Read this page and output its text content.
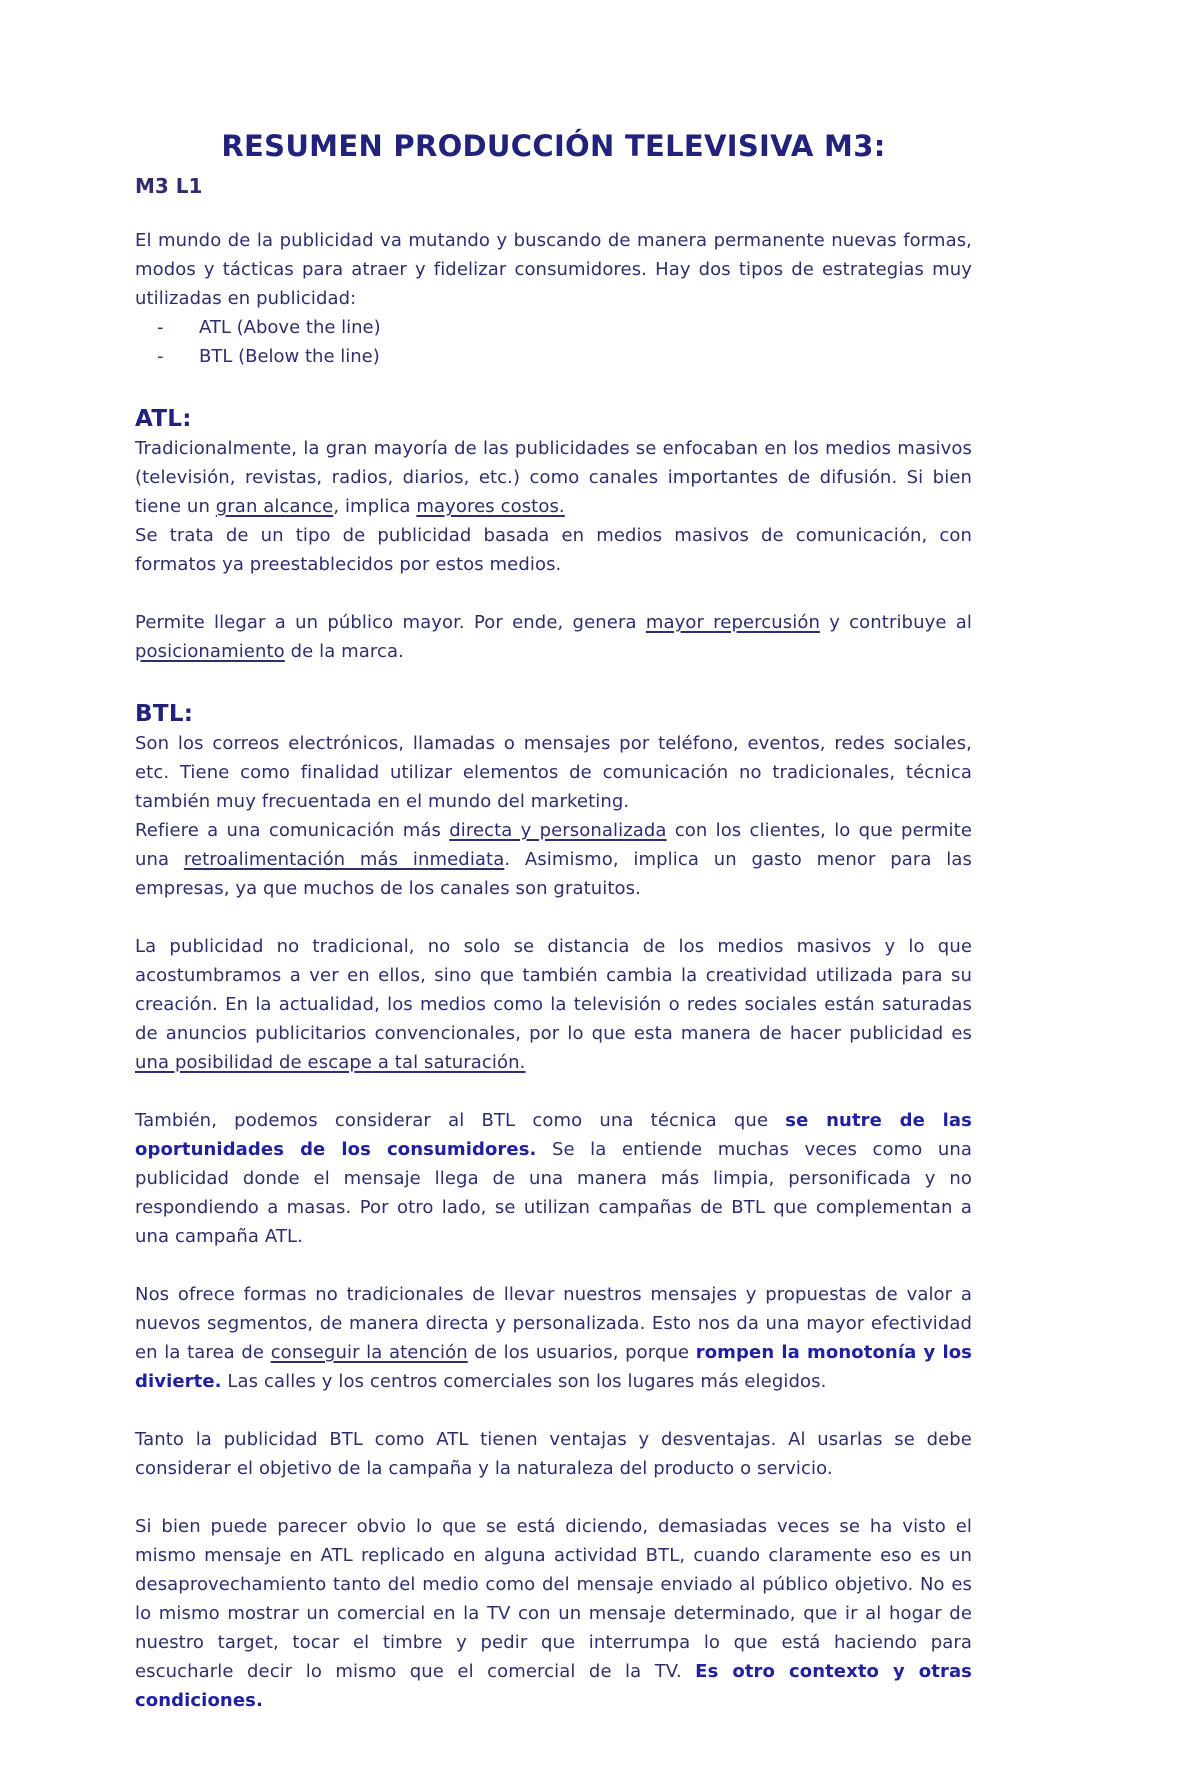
RESUMEN PRODUCCIÓN TELEVISIVA M3:
M3 L1

El mundo de la publicidad va mutando y buscando de manera permanente nuevas formas, modos y tácticas para atraer y fidelizar consumidores. Hay dos tipos de estrategias muy utilizadas en publicidad:

-	ATL (Above the line)
-	BTL (Below the line)
ATL:

Tradicionalmente, la gran mayoría de las publicidades se enfocaban en los medios masivos (televisión, revistas, radios, diarios, etc.) como canales importantes de difusión. Si bien tiene un gran alcance, implica mayores costos.

Se trata de un tipo de publicidad basada en medios masivos de comunicación, con formatos ya preestablecidos por estos medios.

Permite llegar a un público mayor. Por ende, genera mayor repercusión y contribuye al posicionamiento de la marca.

BTL:

Son los correos electrónicos, llamadas o mensajes por teléfono, eventos, redes sociales, etc. Tiene como finalidad utilizar elementos de comunicación no tradicionales, técnica también muy frecuentada en el mundo del marketing.

Refiere a una comunicación más directa y personalizada con los clientes, lo que permite una retroalimentación más inmediata. Asimismo, implica un gasto menor para las empresas, ya que muchos de los canales son gratuitos.

La publicidad no tradicional, no solo se distancia de los medios masivos y lo que acostumbramos a ver en ellos, sino que también cambia la creatividad utilizada para su creación. En la actualidad, los medios como la televisión o redes sociales están saturadas de anuncios publicitarios convencionales, por lo que esta manera de hacer publicidad es una posibilidad de escape a tal saturación.

También, podemos considerar al BTL como una técnica que se nutre de las oportunidades de los consumidores. Se la entiende muchas veces como una publicidad donde el mensaje llega de una manera más limpia, personificada y no respondiendo a masas. Por otro lado, se utilizan campañas de BTL que complementan a una campaña ATL.

Nos ofrece formas no tradicionales de llevar nuestros mensajes y propuestas de valor a nuevos segmentos, de manera directa y personalizada. Esto nos da una mayor efectividad en la tarea de conseguir la atención de los usuarios, porque rompen la monotonía y los divierte. Las calles y los centros comerciales son los lugares más elegidos.

Tanto la publicidad BTL como ATL tienen ventajas y desventajas. Al usarlas se debe considerar el objetivo de la campaña y la naturaleza del producto o servicio.

Si bien puede parecer obvio lo que se está diciendo, demasiadas veces se ha visto el mismo mensaje en ATL replicado en alguna actividad BTL, cuando claramente eso es un desaprovechamiento tanto del medio como del mensaje enviado al público objetivo. No es lo mismo mostrar un comercial en la TV con un mensaje determinado, que ir al hogar de nuestro target, tocar el timbre y pedir que interrumpa lo que está haciendo para escucharle decir lo mismo que el comercial de la TV. Es otro contexto y otras condiciones.
